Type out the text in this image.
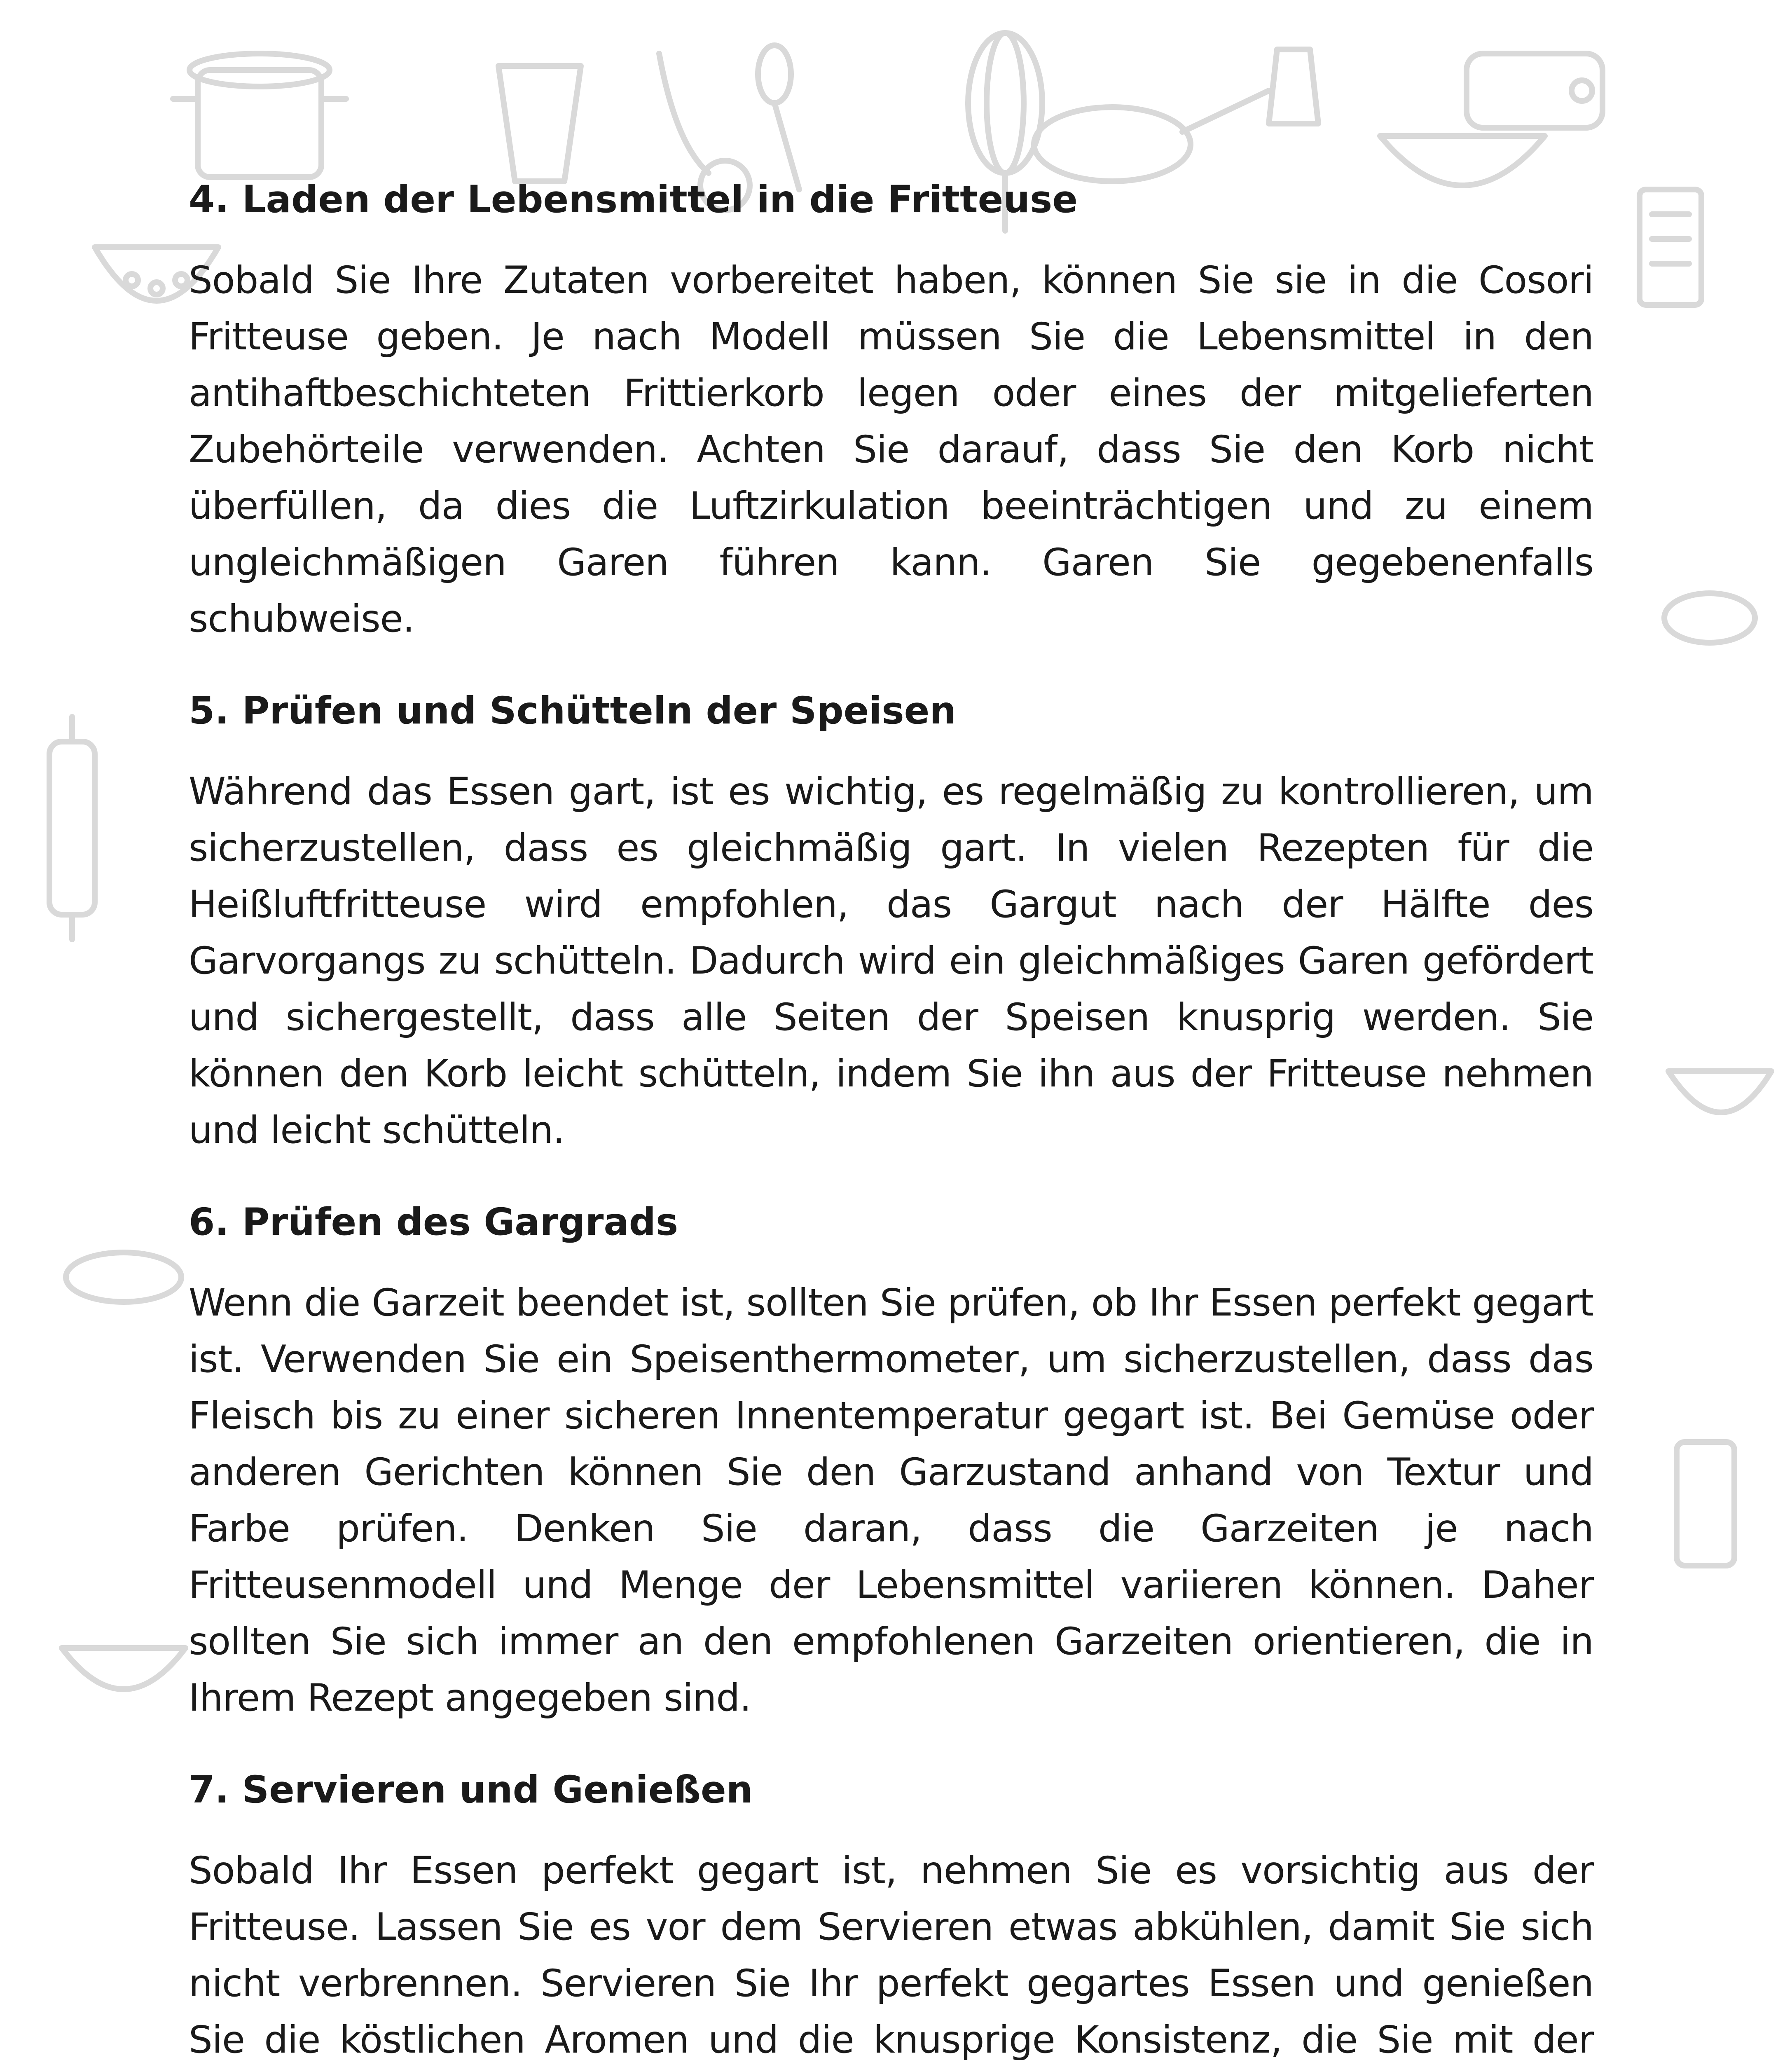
4. Laden der Lebensmittel in die Fritteuse

Sobald Sie Ihre Zutaten vorbereitet haben, können Sie sie in die Cosori Fritteuse geben. Je nach Modell müssen Sie die Lebensmittel in den antihaftbeschichteten Frittierkorb legen oder eines der mitgelieferten Zubehörteile verwenden. Achten Sie darauf, dass Sie den Korb nicht überfüllen, da dies die Luftzirkulation beeinträchtigen und zu einem ungleichmäßigen Garen führen kann. Garen Sie gegebenenfalls schubweise.

5. Prüfen und Schütteln der Speisen

Während das Essen gart, ist es wichtig, es regelmäßig zu kontrollieren, um sicherzustellen, dass es gleichmäßig gart. In vielen Rezepten für die Heißluftfritteuse wird empfohlen, das Gargut nach der Hälfte des Garvorgangs zu schütteln. Dadurch wird ein gleichmäßiges Garen gefördert und sichergestellt, dass alle Seiten der Speisen knusprig werden. Sie können den Korb leicht schütteln, indem Sie ihn aus der Fritteuse nehmen und leicht schütteln.

6. Prüfen des Gargrads

Wenn die Garzeit beendet ist, sollten Sie prüfen, ob Ihr Essen perfekt gegart ist. Verwenden Sie ein Speisenthermometer, um sicherzustellen, dass das Fleisch bis zu einer sicheren Innentemperatur gegart ist. Bei Gemüse oder anderen Gerichten können Sie den Garzustand anhand von Textur und Farbe prüfen. Denken Sie daran, dass die Garzeiten je nach Fritteusenmodell und Menge der Lebensmittel variieren können. Daher sollten Sie sich immer an den empfohlenen Garzeiten orientieren, die in Ihrem Rezept angegeben sind.

7. Servieren und Genießen

Sobald Ihr Essen perfekt gegart ist, nehmen Sie es vorsichtig aus der Fritteuse. Lassen Sie es vor dem Servieren etwas abkühlen, damit Sie sich nicht verbrennen. Servieren Sie Ihr perfekt gegartes Essen und genießen Sie die köstlichen Aromen und die knusprige Konsistenz, die Sie mit der
